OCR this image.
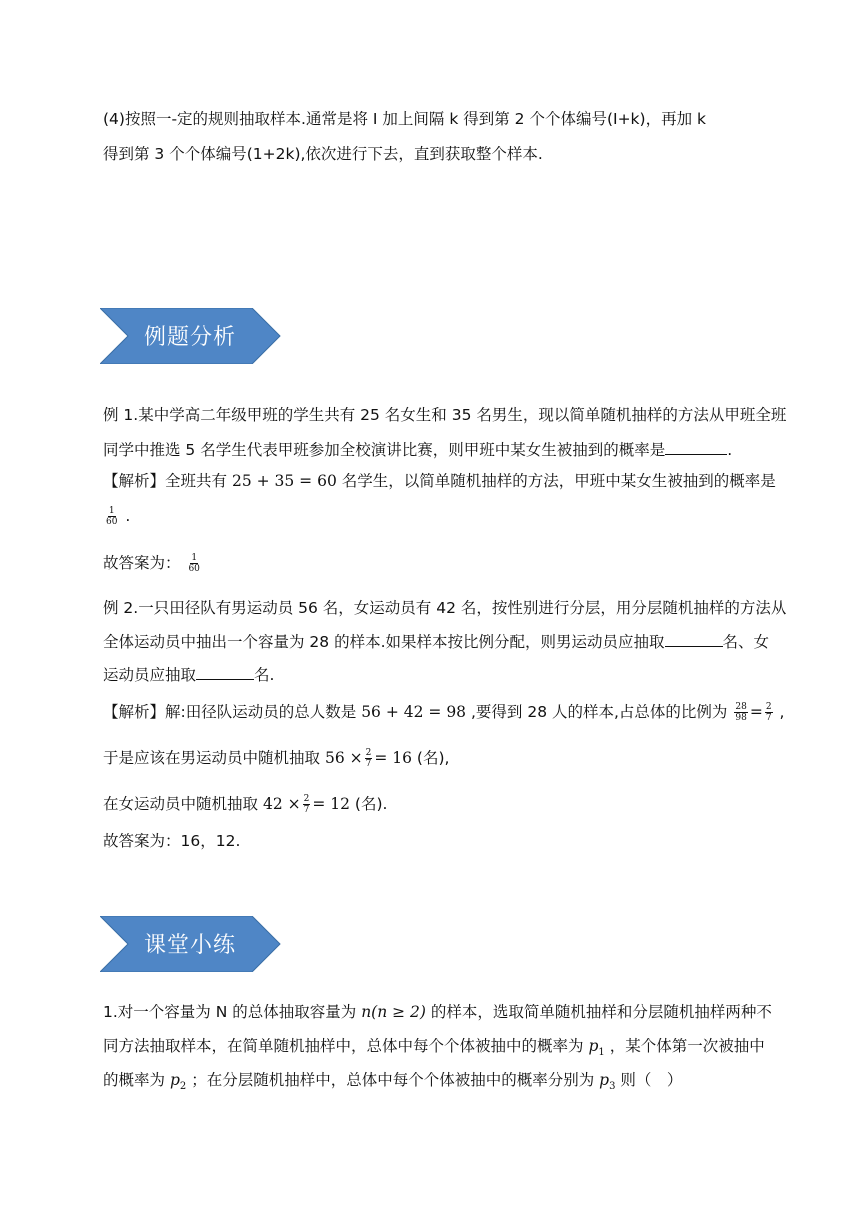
(4)按照一-定的规则抽取样本.通常是将 I 加上间隔 k 得到第 2 个个体编号(I+k)，再加 k
得到第 3 个个体编号(1+2k),依次进行下去，直到获取整个样本.
例题分析
例 1.某中学高二年级甲班的学生共有 25 名女生和 35 名男生，现以简单随机抽样的方法从甲班全班
同学中推选 5 名学生代表甲班参加全校演讲比赛，则甲班中某女生被抽到的概率是	.
【解析】全班共有 25 + 35 = 60 名学生，以简单随机抽样的方法，甲班中某女生被抽到的概率是
$\frac{1}{60}$ .
故答案为： $\frac{1}{60}$
例 2.一只田径队有男运动员 56 名，女运动员有 42 名，按性别进行分层，用分层随机抽样的方法从
全体运动员中抽出一个容量为 28 的样本.如果样本按比例分配，则男运动员应抽取	名、女
运动员应抽取	名.
【解析】解:田径队运动员的总人数是 56 + 42 = 98 ,要得到 28 人的样本,占总体的比例为 $\frac{28}{98} = \frac{2}{7}$ ,
于是应该在男运动员中随机抽取 $56 \times \frac{2}{7} = 16$ (名),
在女运动员中随机抽取 $42 \times \frac{2}{7} = 12$ (名).
故答案为：16，12.
课堂小练
1.对一个容量为 N 的总体抽取容量为 n(n ≥ 2) 的样本，选取简单随机抽样和分层随机抽样两种不
同方法抽取样本，在简单随机抽样中，总体中每个个体被抽中的概率为 $p_1$ ，某个体第一次被抽中
的概率为 $p_2$ ；在分层随机抽样中，总体中每个个体被抽中的概率分别为 $p_3$ 则（　）
